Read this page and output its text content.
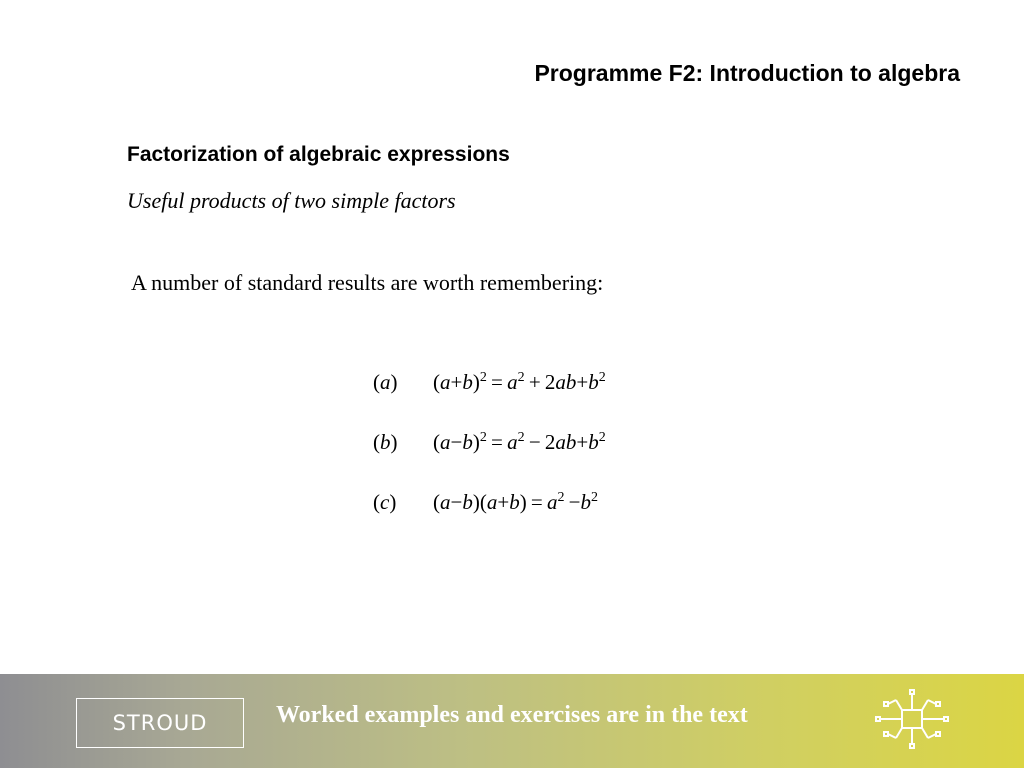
Programme F2: Introduction to algebra
Factorization of algebraic expressions
Useful products of two simple factors
A number of standard results are worth remembering:
(a) $(a+b)^2 = a^2 + 2ab+b^2$
(b) $(a-b)^2 = a^2 - 2ab+b^2$
(c) $(a-b)(a+b) = a^2 -b^2$
STROUD	Worked examples and exercises are in the text
